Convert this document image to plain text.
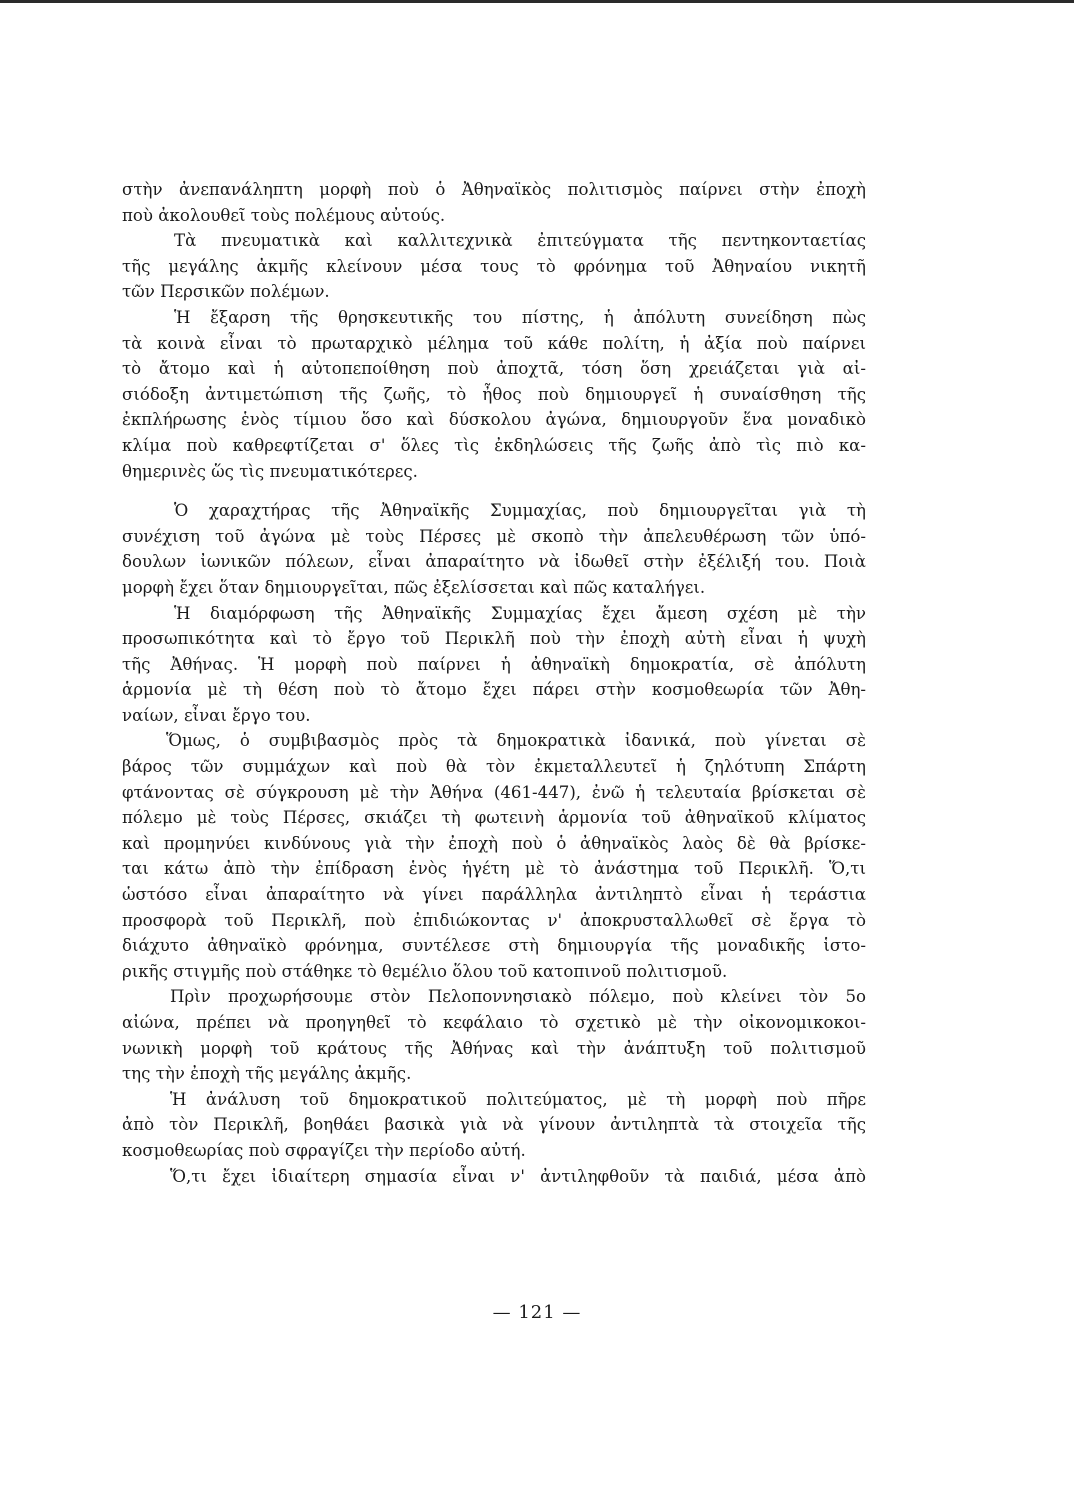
στὴν ἀνεπανάληπτη μορφὴ ποὺ ὁ Ἀθηναϊκὸς πολιτισμὸς παίρνει στὴν ἐποχὴ
ποὺ ἀκολουθεῖ τοὺς πολέμους αὐτούς.
Τὰ πνευματικὰ καὶ καλλιτεχνικὰ ἐπιτεύγματα τῆς πεντηκονταετίας
τῆς μεγάλης ἀκμῆς κλείνουν μέσα τους τὸ φρόνημα τοῦ Ἀθηναίου νικητῆ
τῶν Περσικῶν πολέμων.
Ἡ ἔξαρση τῆς θρησκευτικῆς του πίστης, ἡ ἀπόλυτη συνείδηση πὼς
τὰ κοινὰ εἶναι τὸ πρωταρχικὸ μέλημα τοῦ κάθε πολίτη, ἡ ἀξία ποὺ παίρνει
τὸ ἄτομο καὶ ἡ αὐτοπεποίθηση ποὺ ἀποχτᾶ, τόση ὅση χρειάζεται γιὰ αἰ-
σιόδοξη ἀντιμετώπιση τῆς ζωῆς, τὸ ἦθος ποὺ δημιουργεῖ ἡ συναίσθηση τῆς
ἐκπλήρωσης ἑνὸς τίμιου ὅσο καὶ δύσκολου ἀγώνα, δημιουργοῦν ἕνα μοναδικὸ
κλίμα ποὺ καθρεφτίζεται σ' ὅλες τὶς ἐκδηλώσεις τῆς ζωῆς ἀπὸ τὶς πιὸ κα-
θημερινὲς ὥς τὶς πνευματικότερες.
Ὁ χαραχτήρας τῆς Ἀθηναϊκῆς Συμμαχίας, ποὺ δημιουργεῖται γιὰ τὴ
συνέχιση τοῦ ἀγώνα μὲ τοὺς Πέρσες μὲ σκοπὸ τὴν ἀπελευθέρωση τῶν ὑπό-
δουλων ἰωνικῶν πόλεων, εἶναι ἀπαραίτητο νὰ ἰδωθεῖ στὴν ἐξέλιξή του. Ποιὰ
μορφὴ ἔχει ὅταν δημιουργεῖται, πῶς ἐξελίσσεται καὶ πῶς καταλήγει.
Ἡ διαμόρφωση τῆς Ἀθηναϊκῆς Συμμαχίας ἔχει ἄμεση σχέση μὲ τὴν
προσωπικότητα καὶ τὸ ἔργο τοῦ Περικλῆ ποὺ τὴν ἐποχὴ αὐτὴ εἶναι ἡ ψυχὴ
τῆς Ἀθήνας. Ἡ μορφὴ ποὺ παίρνει ἡ ἀθηναϊκὴ δημοκρατία, σὲ ἀπόλυτη
ἁρμονία μὲ τὴ θέση ποὺ τὸ ἄτομο ἔχει πάρει στὴν κοσμοθεωρία τῶν Ἀθη-
ναίων, εἶναι ἔργο του.
Ὅμως, ὁ συμβιβασμὸς πρὸς τὰ δημοκρατικὰ ἰδανικά, ποὺ γίνεται σὲ
βάρος τῶν συμμάχων καὶ ποὺ θὰ τὸν ἐκμεταλλευτεῖ ἡ ζηλότυπη Σπάρτη
φτάνοντας σὲ σύγκρουση μὲ τὴν Ἀθήνα (461-447), ἐνῶ ἡ τελευταία βρίσκεται σὲ
πόλεμο μὲ τοὺς Πέρσες, σκιάζει τὴ φωτεινὴ ἁρμονία τοῦ ἀθηναϊκοῦ κλίματος
καὶ προμηνύει κινδύνους γιὰ τὴν ἐποχὴ ποὺ ὁ ἀθηναϊκὸς λαὸς δὲ θὰ βρίσκε-
ται κάτω ἀπὸ τὴν ἐπίδραση ἑνὸς ἡγέτη μὲ τὸ ἀνάστημα τοῦ Περικλῆ. Ὅ,τι
ὡστόσο εἶναι ἀπαραίτητο νὰ γίνει παράλληλα ἀντιληπτὸ εἶναι ἡ τεράστια
προσφορὰ τοῦ Περικλῆ, ποὺ ἐπιδιώκοντας ν' ἀποκρυσταλλωθεῖ σὲ ἔργα τὸ
διάχυτο ἀθηναϊκὸ φρόνημα, συντέλεσε στὴ δημιουργία τῆς μοναδικῆς ἱστο-
ρικῆς στιγμῆς ποὺ στάθηκε τὸ θεμέλιο ὅλου τοῦ κατοπινοῦ πολιτισμοῦ.
Πρὶν προχωρήσουμε στὸν Πελοποννησιακὸ πόλεμο, ποὺ κλείνει τὸν 5ο
αἰώνα, πρέπει νὰ προηγηθεῖ τὸ κεφάλαιο τὸ σχετικὸ μὲ τὴν οἰκονομικοκοι-
νωνικὴ μορφὴ τοῦ κράτους τῆς Ἀθήνας καὶ τὴν ἀνάπτυξη τοῦ πολιτισμοῦ
της τὴν ἐποχὴ τῆς μεγάλης ἀκμῆς.
Ἡ ἀνάλυση τοῦ δημοκρατικοῦ πολιτεύματος, μὲ τὴ μορφὴ ποὺ πῆρε
ἀπὸ τὸν Περικλῆ, βοηθάει βασικὰ γιὰ νὰ γίνουν ἀντιληπτὰ τὰ στοιχεῖα τῆς
κοσμοθεωρίας ποὺ σφραγίζει τὴν περίοδο αὐτή.
Ὅ,τι ἔχει ἰδιαίτερη σημασία εἶναι ν' ἀντιληφθοῦν τὰ παιδιά, μέσα ἀπὸ
— 121 —
